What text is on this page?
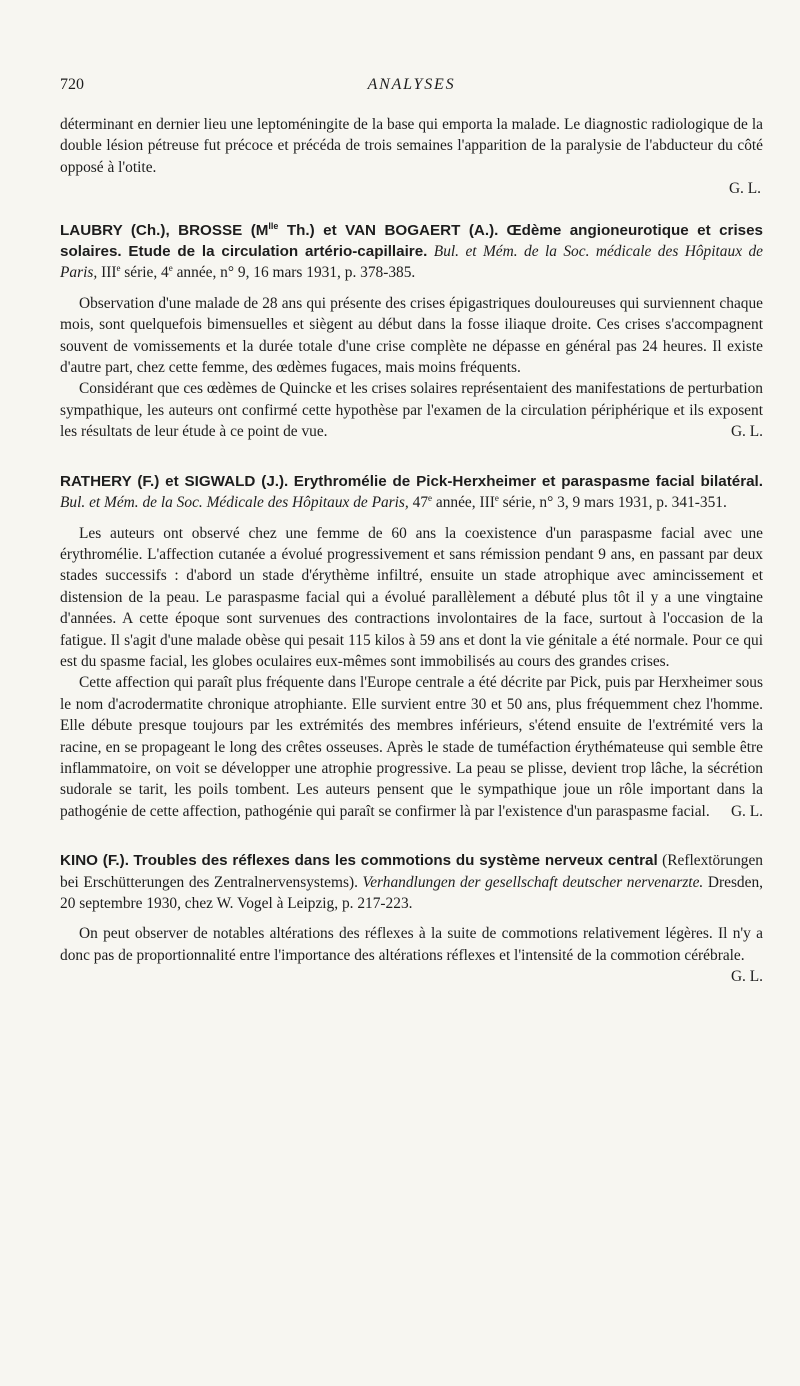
720	ANALYSES

déterminant en dernier lieu une leptoméningite de la base qui emporta la malade. Le diagnostic radiologique de la double lésion pétreuse fut précoce et précéda de trois semaines l'apparition de la paralysie de l'abducteur du côté opposé à l'otite.

G. L.

LAUBRY (Ch.), BROSSE ($M^{lle}$ Th.) et VAN BOGAERT (A.). Œdème angioneurotique et crises solaires. Etude de la circulation artério-capillaire. Bul. et Mém. de la Soc. médicale des Hôpitaux de Paris, IIIe série, 4e année, n° 9, 16 mars 1931, p. 378-385.

Observation d'une malade de 28 ans qui présente des crises épigastriques douloureuses qui surviennent chaque mois, sont quelquefois bimensuelles et siègent au début dans la fosse iliaque droite. Ces crises s'accompagnent souvent de vomissements et la durée totale d'une crise complète ne dépasse en général pas 24 heures. Il existe d'autre part, chez cette femme, des œdèmes fugaces, mais moins fréquents.

Considérant que ces œdèmes de Quincke et les crises solaires représentaient des manifestations de perturbation sympathique, les auteurs ont confirmé cette hypothèse par l'examen de la circulation périphérique et ils exposent les résultats de leur étude à ce point de vue.	G. L.

RATHERY (F.) et SIGWALD (J.). Erythromélie de Pick-Herxheimer et paraspasme facial bilatéral. Bul. et Mém. de la Soc. Médicale des Hôpitaux de Paris, 47e année, IIIe série, n° 3, 9 mars 1931, p. 341-351.

Les auteurs ont observé chez une femme de 60 ans la coexistence d'un paraspasme facial avec une érythromélie. L'affection cutanée a évolué progressivement et sans rémission pendant 9 ans, en passant par deux stades successifs : d'abord un stade d'érythème infiltré, ensuite un stade atrophique avec amincissement et distension de la peau. Le paraspasme facial qui a évolué parallèlement a débuté plus tôt il y a une vingtaine d'années. A cette époque sont survenues des contractions involontaires de la face, surtout à l'occasion de la fatigue. Il s'agit d'une malade obèse qui pesait 115 kilos à 59 ans et dont la vie génitale a été normale. Pour ce qui est du spasme facial, les globes oculaires eux-mêmes sont immobilisés au cours des grandes crises.

Cette affection qui paraît plus fréquente dans l'Europe centrale a été décrite par Pick, puis par Herxheimer sous le nom d'acrodermatite chronique atrophiante. Elle survient entre 30 et 50 ans, plus fréquemment chez l'homme. Elle débute presque toujours par les extrémités des membres inférieurs, s'étend ensuite de l'extrémité vers la racine, en se propageant le long des crêtes osseuses. Après le stade de tuméfaction érythémateuse qui semble être inflammatoire, on voit se développer une atrophie progressive. La peau se plisse, devient trop lâche, la sécrétion sudorale se tarit, les poils tombent. Les auteurs pensent que le sympathique joue un rôle important dans la pathogénie de cette affection, pathogénie qui paraît se confirmer là par l'existence d'un paraspasme facial. G. L.

KINO (F.). Troubles des réflexes dans les commotions du système nerveux central (Reflextörungen bei Erschütterungen des Zentralnervensystems). Verhandlungen der gesellschaft deutscher nervenarzte. Dresden, 20 septembre 1930, chez W. Vogel à Leipzig, p. 217-223.

On peut observer de notables altérations des réflexes à la suite de commotions relativement légères. Il n'y a donc pas de proportionnalité entre l'importance des altérations réflexes et l'intensité de la commotion cérébrale.
G. L.
